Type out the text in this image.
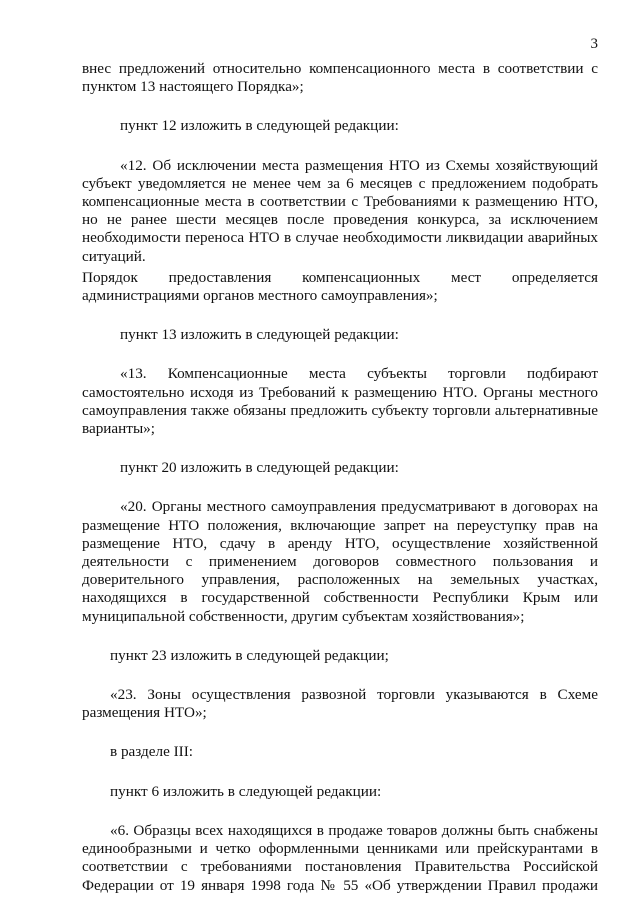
3

внес предложений относительно компенсационного места в соответствии с пунктом 13 настоящего Порядка»;

пункт 12 изложить в следующей редакции:

«12. Об исключении места размещения НТО из Схемы хозяйствующий субъект уведомляется не менее чем за 6 месяцев с предложением подобрать компенсационные места в соответствии с Требованиями к размещению НТО, но не ранее шести месяцев после проведения конкурса, за исключением необходимости переноса НТО в случае необходимости ликвидации аварийных ситуаций.

Порядок предоставления компенсационных мест определяется администрациями органов местного самоуправления»;

пункт 13 изложить в следующей редакции:

«13. Компенсационные места субъекты торговли подбирают самостоятельно исходя из Требований к размещению НТО. Органы местного самоуправления также обязаны предложить субъекту торговли альтернативные варианты»;

пункт 20 изложить в следующей редакции:

«20. Органы местного самоуправления предусматривают в договорах на размещение НТО положения, включающие запрет на переуступку прав на размещение НТО, сдачу в аренду НТО, осуществление хозяйственной деятельности с применением договоров совместного пользования и доверительного управления, расположенных на земельных участках, находящихся в государственной собственности Республики Крым или муниципальной собственности, другим субъектам хозяйствования»;

пункт 23 изложить в следующей редакции;

«23. Зоны осуществления развозной торговли указываются в Схеме размещения НТО»;

в разделе III:

пункт 6 изложить в следующей редакции:

«6. Образцы всех находящихся в продаже товаров должны быть снабжены единообразными и четко оформленными ценниками или прейскурантами в соответствии с требованиями постановления Правительства Российской Федерации от 19 января 1998 года № 55 «Об утверждении Правил продажи
